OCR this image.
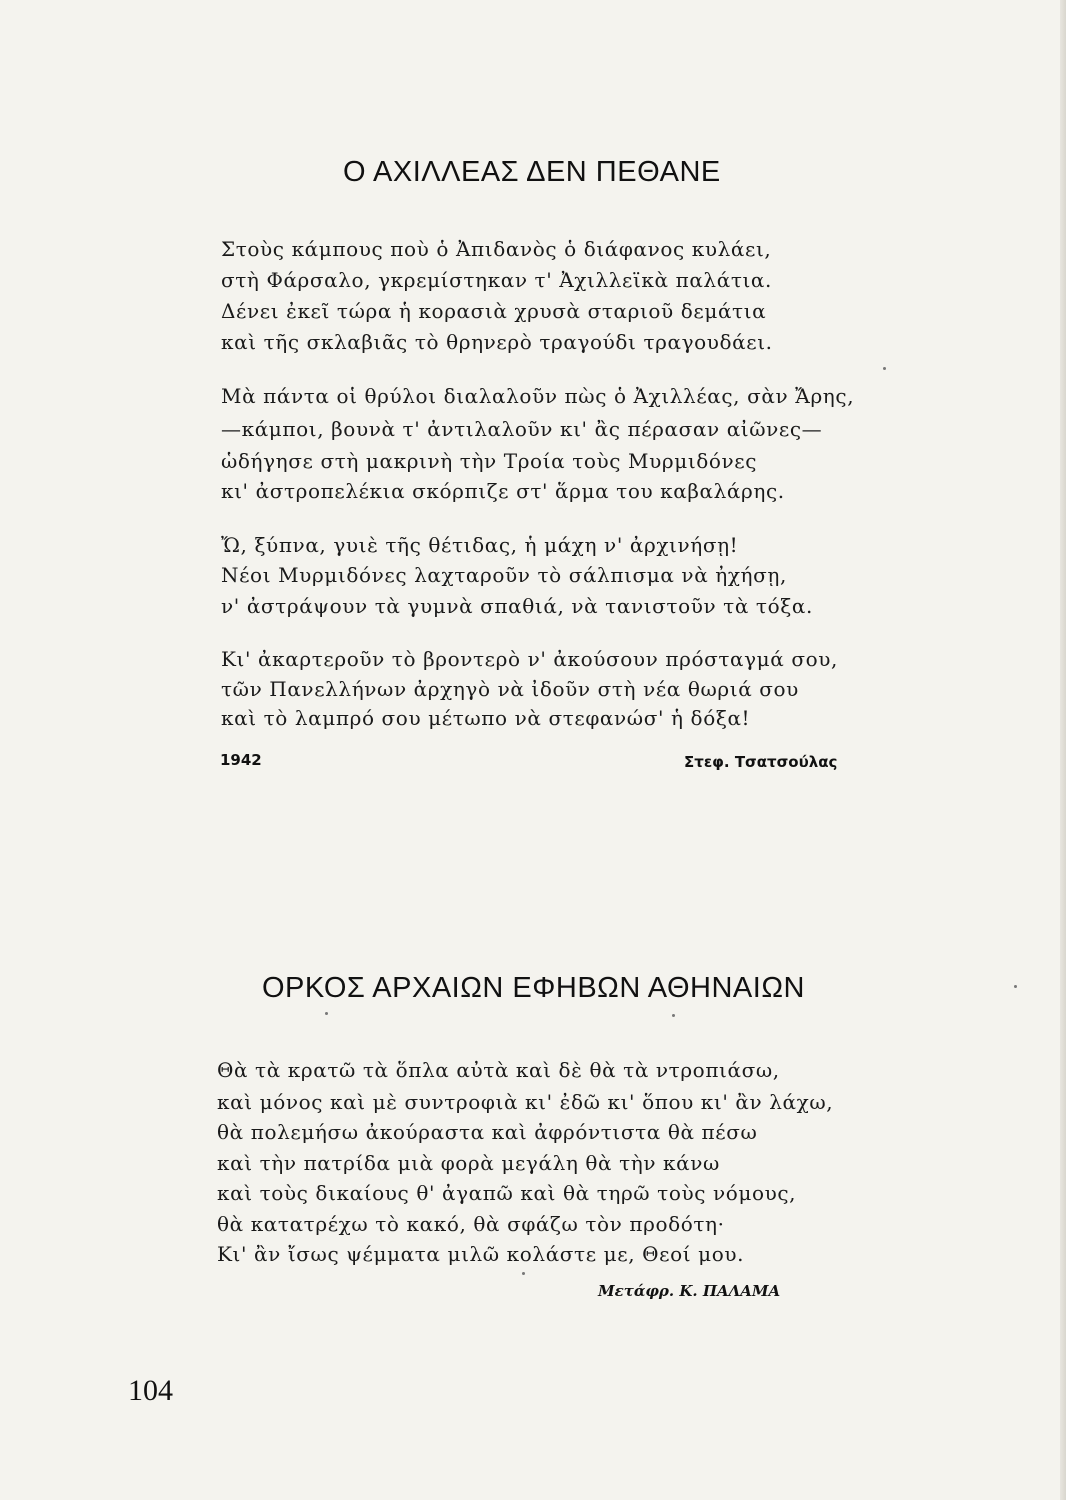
Ο ΑΧΙΛΛΕΑΣ ΔΕΝ ΠΕΘΑΝΕ
Στοὺς κάμπους ποὺ ὁ Ἀπιδανὸς ὁ διάφανος κυλάει,
στὴ Φάρσαλο, γκρεμίστηκαν τ' Ἀχιλλεϊκὰ παλάτια.
Δένει ἐκεῖ τώρα ἡ κορασιὰ χρυσὰ σταριοῦ δεμάτια
καὶ τῆς σκλαβιᾶς τὸ θρηνερὸ τραγούδι τραγουδάει.
Μὰ πάντα οἱ θρύλοι διαλαλοῦν πὼς ὁ Ἀχιλλέας, σὰν Ἄρης,
—κάμποι, βουνὰ τ' ἀντιλαλοῦν κι' ἂς πέρασαν αἰῶνες—
ὡδήγησε στὴ μακρινὴ τὴν Τροία τοὺς Μυρμιδόνες
κι' ἀστροπελέκια σκόρπιζε στ' ἅρμα του καβαλάρης.
Ὤ, ξύπνα, γυιὲ τῆς θέτιδας, ἡ μάχη ν' ἀρχινήσῃ!
Νέοι Μυρμιδόνες λαχταροῦν τὸ σάλπισμα νὰ ἠχήσῃ,
ν' ἀστράψουν τὰ γυμνὰ σπαθιά, νὰ τανιστοῦν τὰ τόξα.
Κι' ἀκαρτεροῦν τὸ βροντερὸ ν' ἀκούσουν πρόσταγμά σου,
τῶν Πανελλήνων ἀρχηγὸ νὰ ἰδοῦν στὴ νέα θωριά σου
καὶ τὸ λαμπρό σου μέτωπο νὰ στεφανώσ' ἡ δόξα!
1942	Στεφ. Τσατσούλας
ΟΡΚΟΣ ΑΡΧΑΙΩΝ ΕΦΗΒΩΝ ΑΘΗΝΑΙΩΝ
Θὰ τὰ κρατῶ τὰ ὅπλα αὐτὰ καὶ δὲ θὰ τὰ ντροπιάσω,
καὶ μόνος καὶ μὲ συντροφιὰ κι' ἐδῶ κι' ὅπου κι' ἂν λάχω,
θὰ πολεμήσω ἀκούραστα καὶ ἀφρόντιστα θὰ πέσω
καὶ τὴν πατρίδα μιὰ φορὰ μεγάλη θὰ τὴν κάνω
καὶ τοὺς δικαίους θ' ἀγαπῶ καὶ θὰ τηρῶ τοὺς νόμους,
θὰ κατατρέχω τὸ κακό, θὰ σφάζω τὸν προδότη·
Κι' ἂν ἴσως ψέμματα μιλῶ κολάστε με, Θεοί μου.
Μετάφρ. Κ. ΠΑΛΑΜΑ
104
